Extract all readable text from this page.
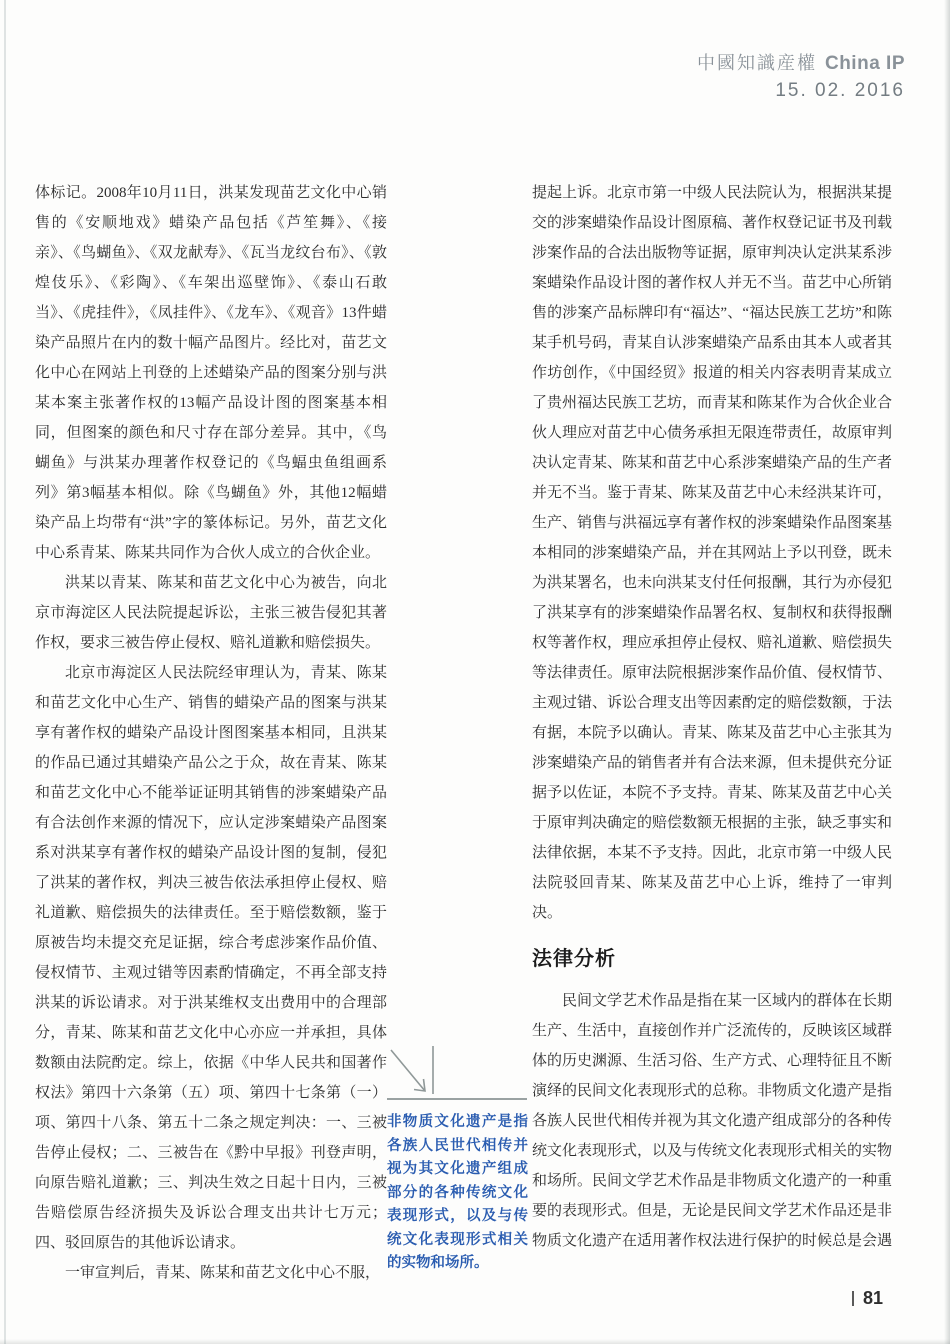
中國知識産權 China IP
15. 02. 2016

体标记。2008年10月11日，洪某发现苗艺文化中心销售的《安顺地戏》蜡染产品包括《芦笙舞》、《接亲》、《鸟蝴鱼》、《双龙献寿》、《瓦当龙纹台布》、《敦煌伎乐》、《彩陶》、《车架出巡壁饰》、《泰山石敢当》、《虎挂件》，《凤挂件》、《龙车》、《观音》13件蜡染产品照片在内的数十幅产品图片。经比对，苗艺文化中心在网站上刊登的上述蜡染产品的图案分别与洪某本案主张著作权的13幅产品设计图的图案基本相同，但图案的颜色和尺寸存在部分差异。其中，《鸟蝴鱼》与洪某办理著作权登记的《鸟蝠虫鱼组画系列》第3幅基本相似。除《鸟蝴鱼》外，其他12幅蜡染产品上均带有“洪”字的篆体标记。另外，苗艺文化中心系青某、陈某共同作为合伙人成立的合伙企业。

洪某以青某、陈某和苗艺文化中心为被告，向北京市海淀区人民法院提起诉讼，主张三被告侵犯其著作权，要求三被告停止侵权、赔礼道歉和赔偿损失。

北京市海淀区人民法院经审理认为，青某、陈某和苗艺文化中心生产、销售的蜡染产品的图案与洪某享有著作权的蜡染产品设计图图案基本相同，且洪某的作品已通过其蜡染产品公之于众，故在青某、陈某和苗艺文化中心不能举证证明其销售的涉案蜡染产品有合法创作来源的情况下，应认定涉案蜡染产品图案系对洪某享有著作权的蜡染产品设计图的复制，侵犯了洪某的著作权，判决三被告依法承担停止侵权、赔礼道歉、赔偿损失的法律责任。至于赔偿数额，鉴于原被告均未提交充足证据，综合考虑涉案作品价值、侵权情节、主观过错等因素酌情确定，不再全部支持洪某的诉讼请求。对于洪某维权支出费用中的合理部分，青某、陈某和苗艺文化中心亦应一并承担，具体数额由法院酌定。综上，依据《中华人民共和国著作权法》第四十六条第（五）项、第四十七条第（一）项、第四十八条、第五十二条之规定判决：一、三被告停止侵权；二、三被告在《黔中早报》刊登声明，向原告赔礼道歉；三、判决生效之日起十日内，三被告赔偿原告经济损失及诉讼合理支出共计七万元；四、驳回原告的其他诉讼请求。

一审宣判后，青某、陈某和苗艺文化中心不服，

非物质文化遗产是指各族人民世代相传并视为其文化遗产组成部分的各种传统文化表现形式，以及与传统文化表现形式相关的实物和场所。

提起上诉。北京市第一中级人民法院认为，根据洪某提交的涉案蜡染作品设计图原稿、著作权登记证书及刊载涉案作品的合法出版物等证据，原审判决认定洪某系涉案蜡染作品设计图的著作权人并无不当。苗艺中心所销售的涉案产品标牌印有“福达”、“福达民族工艺坊”和陈某手机号码，青某自认涉案蜡染产品系由其本人或者其作坊创作，《中国经贸》报道的相关内容表明青某成立了贵州福达民族工艺坊，而青某和陈某作为合伙企业合伙人理应对苗艺中心债务承担无限连带责任，故原审判决认定青某、陈某和苗艺中心系涉案蜡染产品的生产者并无不当。鉴于青某、陈某及苗艺中心未经洪某许可，生产、销售与洪福远享有著作权的涉案蜡染作品图案基本相同的涉案蜡染产品，并在其网站上予以刊登，既未为洪某署名，也未向洪某支付任何报酬，其行为亦侵犯了洪某享有的涉案蜡染作品署名权、复制权和获得报酬权等著作权，理应承担停止侵权、赔礼道歉、赔偿损失等法律责任。原审法院根据涉案作品价值、侵权情节、主观过错、诉讼合理支出等因素酌定的赔偿数额，于法有据，本院予以确认。青某、陈某及苗艺中心主张其为涉案蜡染产品的销售者并有合法来源，但未提供充分证据予以佐证，本院不予支持。青某、陈某及苗艺中心关于原审判决确定的赔偿数额无根据的主张，缺乏事实和法律依据，本某不予支持。因此，北京市第一中级人民法院驳回青某、陈某及苗艺中心上诉，维持了一审判决。

法律分析

民间文学艺术作品是指在某一区域内的群体在长期生产、生活中，直接创作并广泛流传的，反映该区域群体的历史渊源、生活习俗、生产方式、心理特征且不断演绎的民间文化表现形式的总称。非物质文化遗产是指各族人民世代相传并视为其文化遗产组成部分的各种传统文化表现形式，以及与传统文化表现形式相关的实物和场所。民间文学艺术作品是非物质文化遗产的一种重要的表现形式。但是，无论是民间文学艺术作品还是非物质文化遗产在适用著作权法进行保护的时候总是会遇

81
